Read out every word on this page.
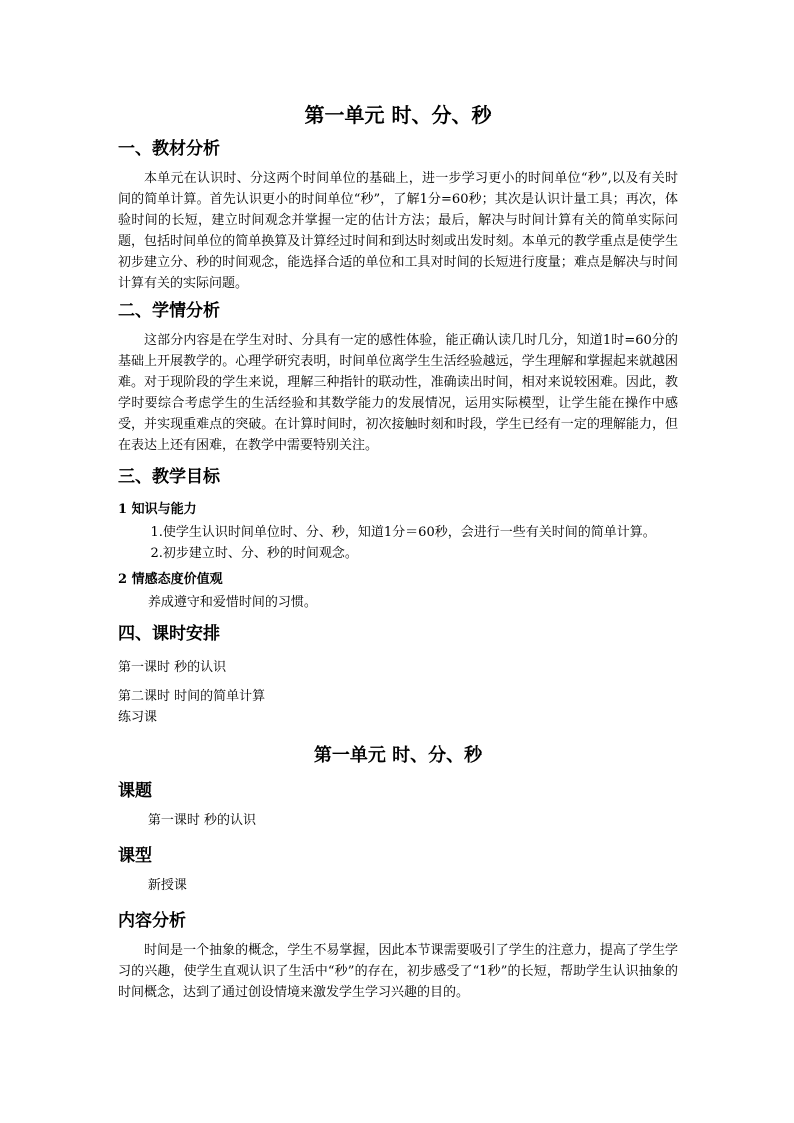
第一单元 时、分、秒
一、教材分析

本单元在认识时、分这两个时间单位的基础上，进一步学习更小的时间单位“秒”,以及有关时间的简单计算。首先认识更小的时间单位“秒”，了解1分=60秒；其次是认识计量工具；再次，体验时间的长短，建立时间观念并掌握一定的估计方法；最后，解决与时间计算有关的简单实际问题，包括时间单位的简单换算及计算经过时间和到达时刻或出发时刻。本单元的教学重点是使学生初步建立分、秒的时间观念，能选择合适的单位和工具对时间的长短进行度量；难点是解决与时间计算有关的实际问题。

二、学情分析

这部分内容是在学生对时、分具有一定的感性体验，能正确认读几时几分，知道1时=60分的基础上开展教学的。心理学研究表明，时间单位离学生生活经验越远，学生理解和掌握起来就越困难。对于现阶段的学生来说，理解三种指针的联动性，准确读出时间，相对来说较困难。因此，教学时要综合考虑学生的生活经验和其数学能力的发展情况，运用实际模型，让学生能在操作中感受，并实现重难点的突破。在计算时间时，初次接触时刻和时段，学生已经有一定的理解能力，但在表达上还有困难，在教学中需要特别关注。

三、教学目标
1 知识与能力

1.使学生认识时间单位时、分、秒，知道1分＝60秒，会进行一些有关时间的简单计算。

2.初步建立时、分、秒的时间观念。

2 情感态度价值观

养成遵守和爱惜时间的习惯。

四、课时安排

第一课时 秒的认识

第二课时 时间的简单计算

练习课

第一单元 时、分、秒
课题

第一课时 秒的认识

课型

新授课

内容分析

时间是一个抽象的概念，学生不易掌握，因此本节课需要吸引了学生的注意力，提高了学生学习的兴趣，使学生直观认识了生活中“秒”的存在，初步感受了“1秒”的长短，帮助学生认识抽象的时间概念，达到了通过创设情境来激发学生学习兴趣的目的。
